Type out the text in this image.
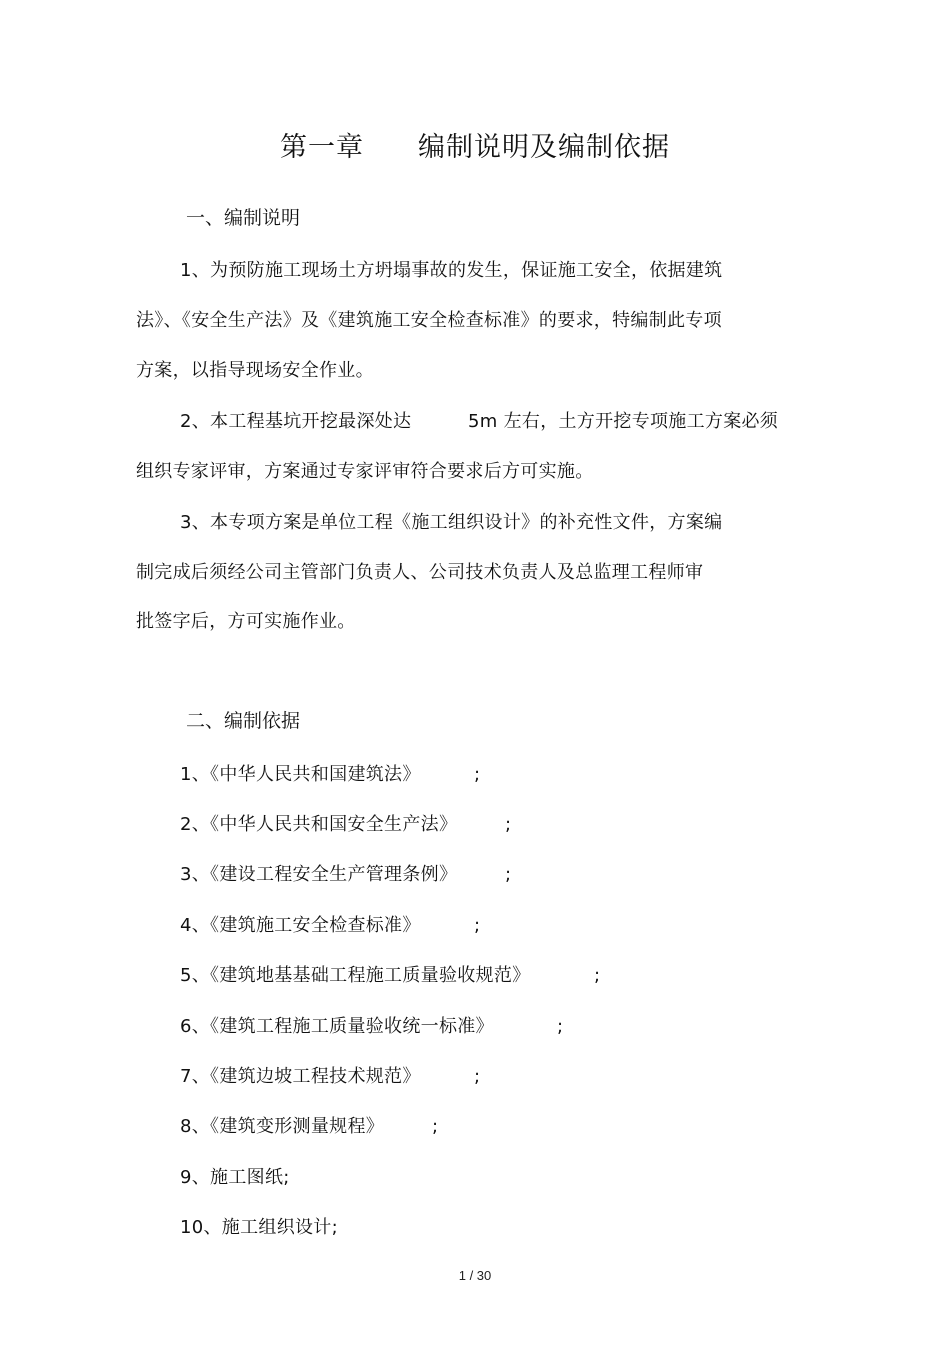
第一章 编制说明及编制依据
一、编制说明
1、为预防施工现场土方坍塌事故的发生，保证施工安全，依据建筑
法》、《安全生产法》及《建筑施工安全检查标准》的要求，特编制此专项
方案，以指导现场安全作业。
2、本工程基坑开挖最深处达	5m 左右，土方开挖专项施工方案必须
组织专家评审，方案通过专家评审符合要求后方可实施。
3、本专项方案是单位工程《施工组织设计》的补充性文件，方案编
制完成后须经公司主管部门负责人、公司技术负责人及总监理工程师审
批签字后，方可实施作业。
二、编制依据
1、《中华人民共和国建筑法》	;
2、《中华人民共和国安全生产法》	;
3、《建设工程安全生产管理条例》	;
4、《建筑施工安全检查标准》	;
5、《建筑地基基础工程施工质量验收规范》	;
6、《建筑工程施工质量验收统一标准》	;
7、《建筑边坡工程技术规范》	;
8、《建筑变形测量规程》	;
9、施工图纸;
10、施工组织设计;
1 / 30
